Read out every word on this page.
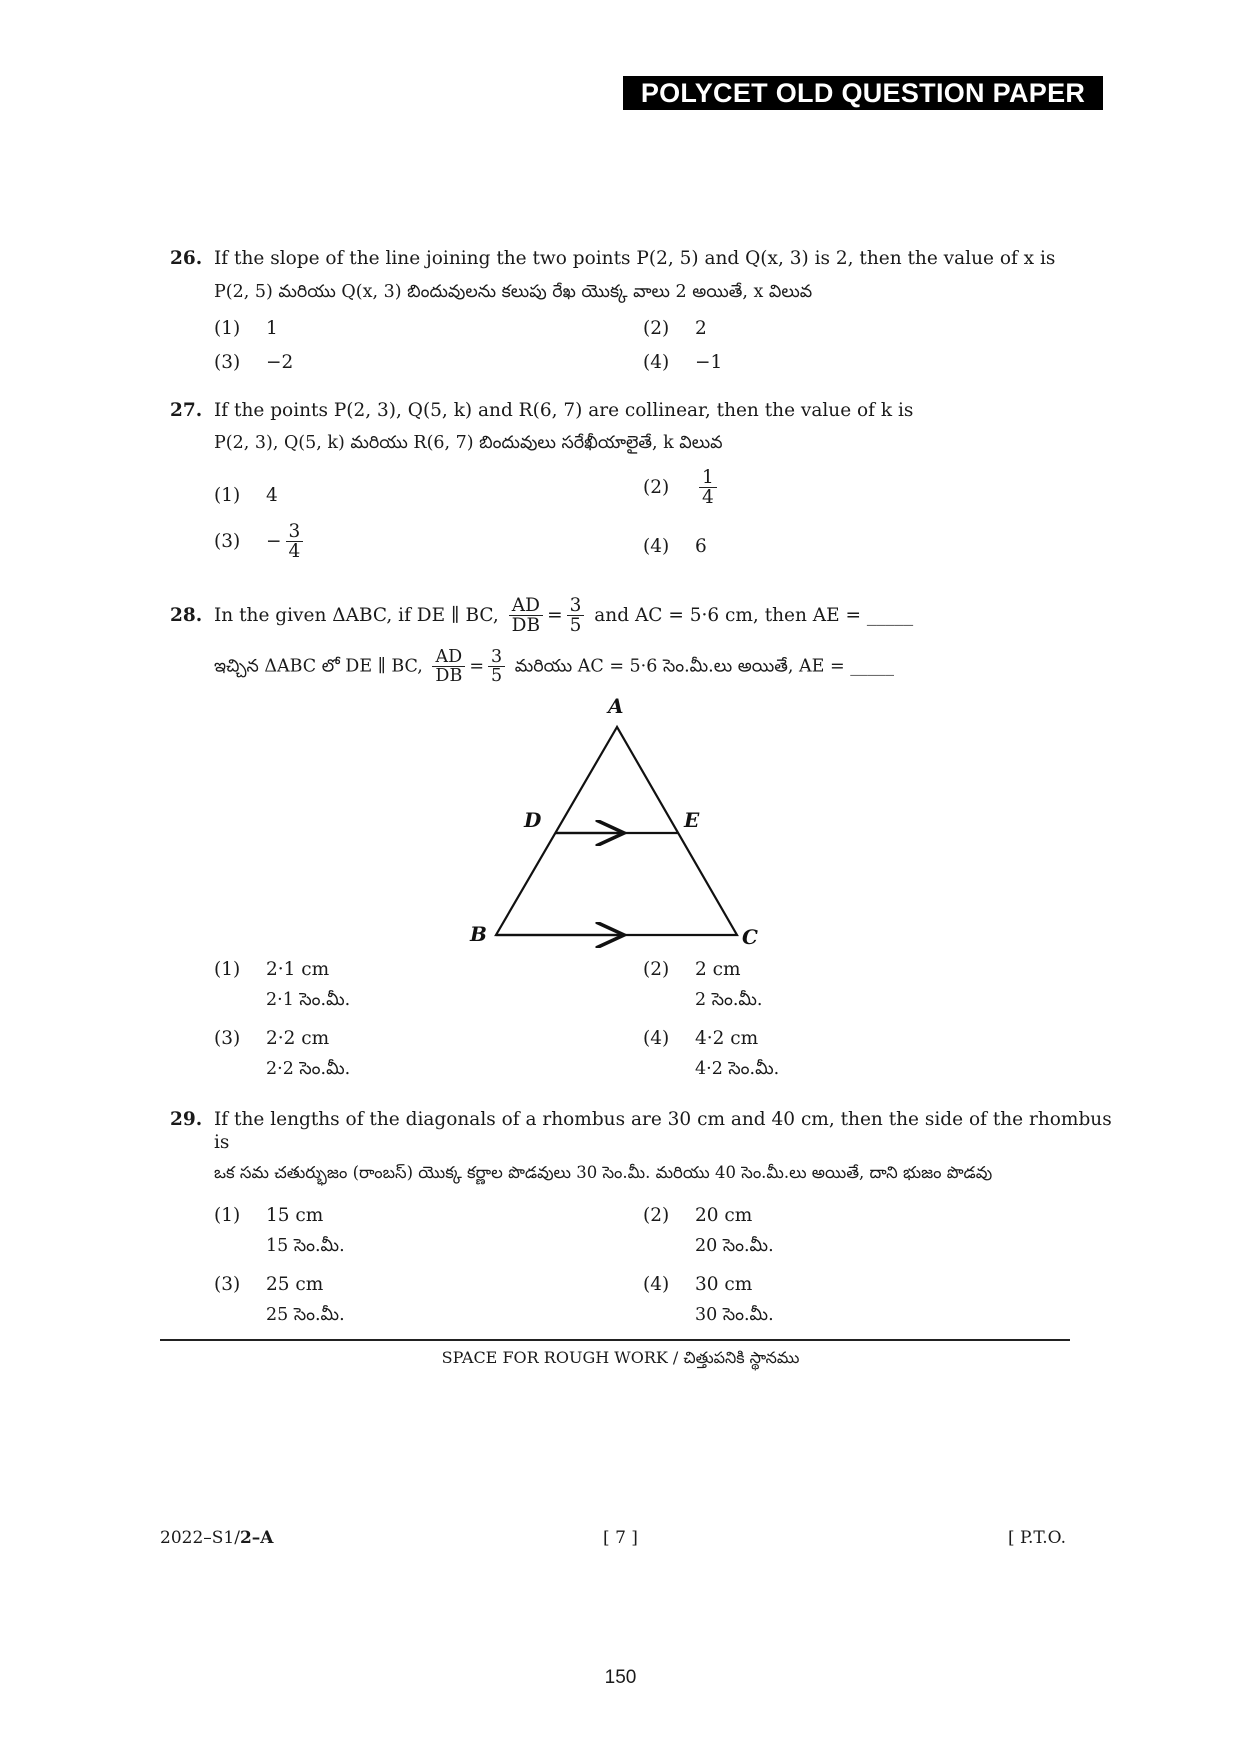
POLYCET OLD QUESTION PAPER
26. If the slope of the line joining the two points P(2, 5) and Q(x, 3) is 2, then the value of x is
P(2, 5) మరియు Q(x, 3) బిందువులను కలుపు రేఖ యొక్క వాలు 2 అయితే, x విలువ
(1) 1	(2) 2
(3) −2	(4) −1
27. If the points P(2, 3), Q(5, k) and R(6, 7) are collinear, then the value of k is
P(2, 3), Q(5, k) మరియు R(6, 7) బిందువులు సరేఖీయాలైతే, k విలువ
(1) 4	$(2) \frac{1}{4}$
$(3) - \frac{3}{4}$	(4) 6
28. In the given ΔABC, if DE ∥ BC, $\frac{AD}{DB} = \frac{3}{5}$ and AC = 5·6 cm, then AE = _____
ఇచ్చిన ΔABC లో DE ∥ BC, $\frac{AD}{DB} = \frac{3}{5}$ మరియు AC = 5·6 సెం.మీ.లు అయితే, AE = _____
A
D	E
B	C
(1) 2·1 cm
2·1 సెం.మీ.
(2) 2 cm
2 సెం.మీ.
(3) 2·2 cm
2·2 సెం.మీ.
(4) 4·2 cm
4·2 సెం.మీ.
29. If the lengths of the diagonals of a rhombus are 30 cm and 40 cm, then the side of the rhombus is
ఒక సమ చతుర్భుజం (రాంబస్) యొక్క కర్ణాల పొడవులు 30 సెం.మీ. మరియు 40 సెం.మీ.లు అయితే, దాని భుజం పొడవు
(1) 15 cm
15 సెం.మీ.
(2) 20 cm
20 సెం.మీ.
(3) 25 cm
25 సెం.మీ.
(4) 30 cm
30 సెం.మీ.
SPACE FOR ROUGH WORK / చిత్తుపనికి స్థానము
2022–S1/2–A	[ 7 ]	[ P.T.O.
150
